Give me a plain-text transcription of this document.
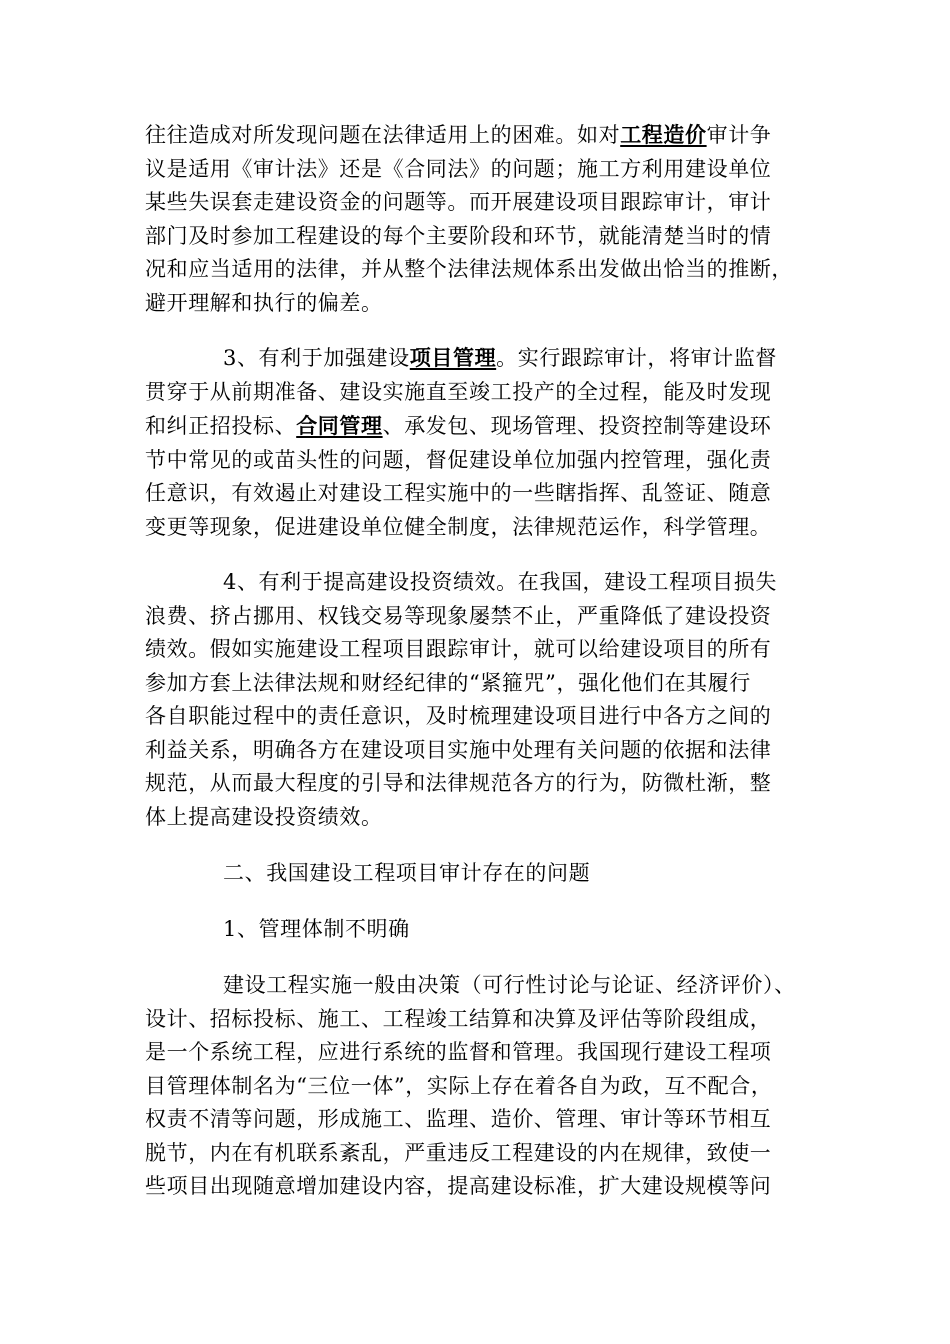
往往造成对所发现问题在法律适用上的困难。如对工程造价审计争
议是适用《审计法》还是《合同法》的问题；施工方利用建设单位
某些失误套走建设资金的问题等。而开展建设项目跟踪审计，审计
部门及时参加工程建设的每个主要阶段和环节，就能清楚当时的情
况和应当适用的法律，并从整个法律法规体系出发做出恰当的推断，
避开理解和执行的偏差。

3、有利于加强建设项目管理。实行跟踪审计，将审计监督
贯穿于从前期准备、建设实施直至竣工投产的全过程，能及时发现
和纠正招投标、合同管理、承发包、现场管理、投资控制等建设环
节中常见的或苗头性的问题，督促建设单位加强内控管理，强化责
任意识，有效遏止对建设工程实施中的一些瞎指挥、乱签证、随意
变更等现象，促进建设单位健全制度，法律规范运作，科学管理。

4、有利于提高建设投资绩效。在我国，建设工程项目损失
浪费、挤占挪用、权钱交易等现象屡禁不止，严重降低了建设投资
绩效。假如实施建设工程项目跟踪审计，就可以给建设项目的所有
参加方套上法律法规和财经纪律的“紧箍咒”，强化他们在其履行
各自职能过程中的责任意识，及时梳理建设项目进行中各方之间的
利益关系，明确各方在建设项目实施中处理有关问题的依据和法律
规范，从而最大程度的引导和法律规范各方的行为，防微杜渐，整
体上提高建设投资绩效。

二、我国建设工程项目审计存在的问题

1、管理体制不明确

建设工程实施一般由决策（可行性讨论与论证、经济评价）、
设计、招标投标、施工、工程竣工结算和决算及评估等阶段组成，
是一个系统工程，应进行系统的监督和管理。我国现行建设工程项
目管理体制名为“三位一体”，实际上存在着各自为政，互不配合，
权责不清等问题，形成施工、监理、造价、管理、审计等环节相互
脱节，内在有机联系紊乱，严重违反工程建设的内在规律，致使一
些项目出现随意增加建设内容，提高建设标准，扩大建设规模等问
